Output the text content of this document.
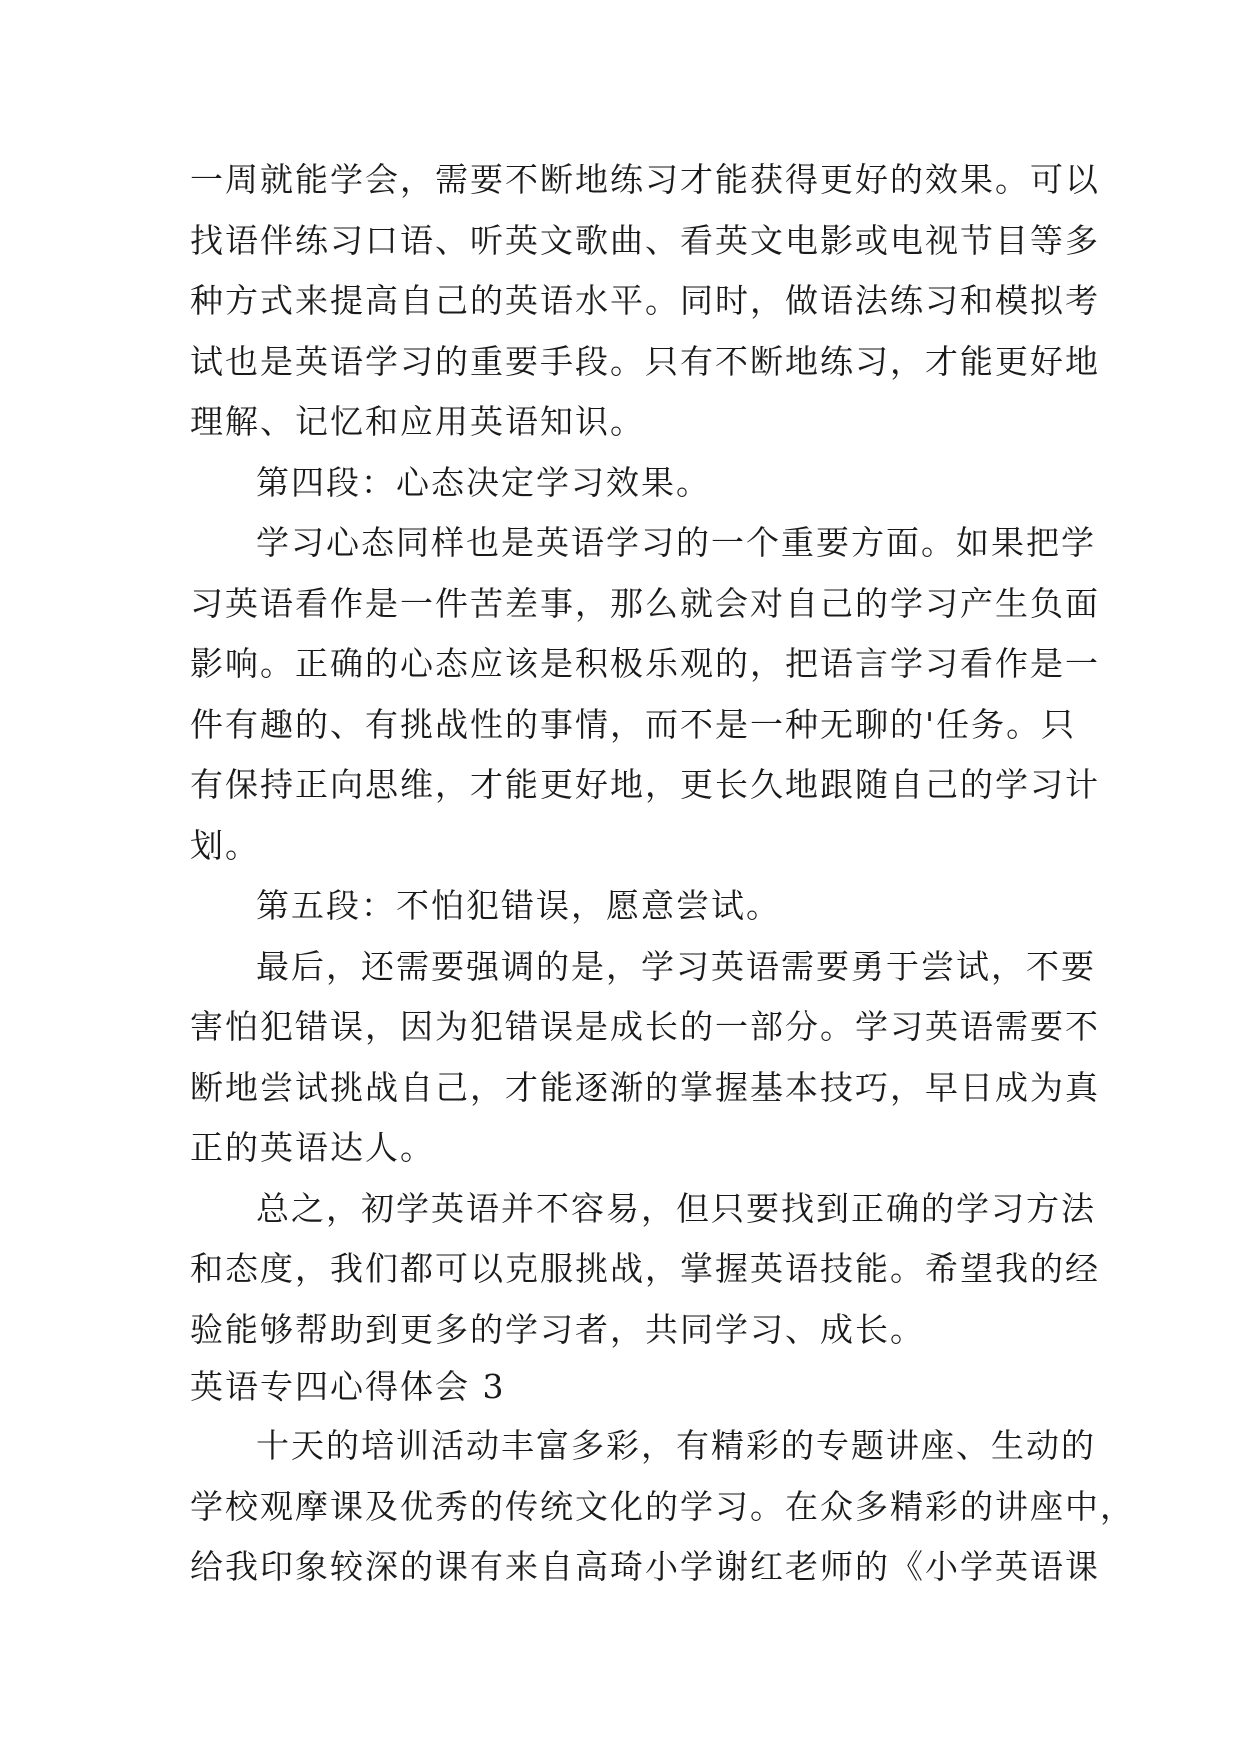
一周就能学会，需要不断地练习才能获得更好的效果。可以
找语伴练习口语、听英文歌曲、看英文电影或电视节目等多
种方式来提高自己的英语水平。同时，做语法练习和模拟考
试也是英语学习的重要手段。只有不断地练习，才能更好地
理解、记忆和应用英语知识。
第四段：心态决定学习效果。
学习心态同样也是英语学习的一个重要方面。如果把学
习英语看作是一件苦差事，那么就会对自己的学习产生负面
影响。正确的心态应该是积极乐观的，把语言学习看作是一
件有趣的、有挑战性的事情，而不是一种无聊的'任务。只
有保持正向思维，才能更好地，更长久地跟随自己的学习计
划。
第五段：不怕犯错误，愿意尝试。
最后，还需要强调的是，学习英语需要勇于尝试，不要
害怕犯错误，因为犯错误是成长的一部分。学习英语需要不
断地尝试挑战自己，才能逐渐的掌握基本技巧，早日成为真
正的英语达人。
总之，初学英语并不容易，但只要找到正确的学习方法
和态度，我们都可以克服挑战，掌握英语技能。希望我的经
验能够帮助到更多的学习者，共同学习、成长。
英语专四心得体会 3
十天的培训活动丰富多彩，有精彩的专题讲座、生动的
学校观摩课及优秀的传统文化的学习。在众多精彩的讲座中，
给我印象较深的课有来自高琦小学谢红老师的《小学英语课
